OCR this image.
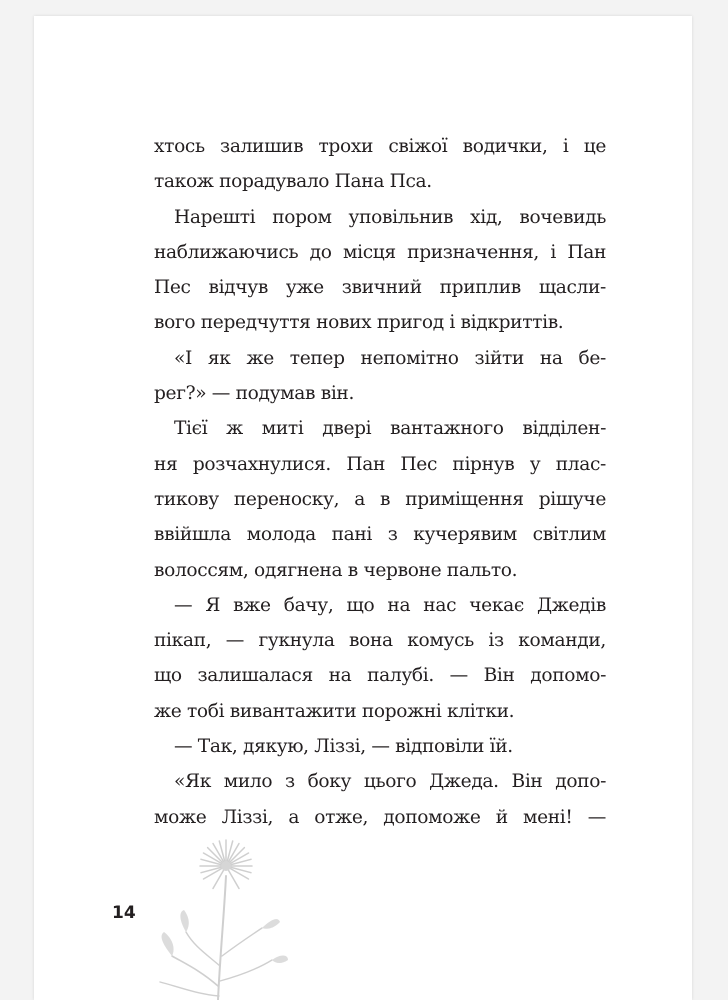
хтось залишив трохи свіжої водички, і це
також порадувало Пана Пса.
Нарешті пором уповільнив хід, вочевидь
наближаючись до місця призначення, і Пан
Пес відчув уже звичний приплив щасли-
вого передчуття нових пригод і відкриттів.
«І як же тепер непомітно зійти на бе-
рег?» — подумав він.
Тієї ж миті двері вантажного відділен-
ня розчахнулися. Пан Пес пірнув у плас-
тикову переноску, а в приміщення рішуче
ввійшла молода пані з кучерявим світлим
волоссям, одягнена в червоне пальто.
— Я вже бачу, що на нас чекає Джедів
пікап, — гукнула вона комусь із команди,
що залишалася на палубі. — Він допомо-
же тобі вивантажити порожні клітки.
— Так, дякую, Ліззі, — відповіли їй.
«Як мило з боку цього Джеда. Він допо-
може Ліззі, а отже, допоможе й мені! —
14
